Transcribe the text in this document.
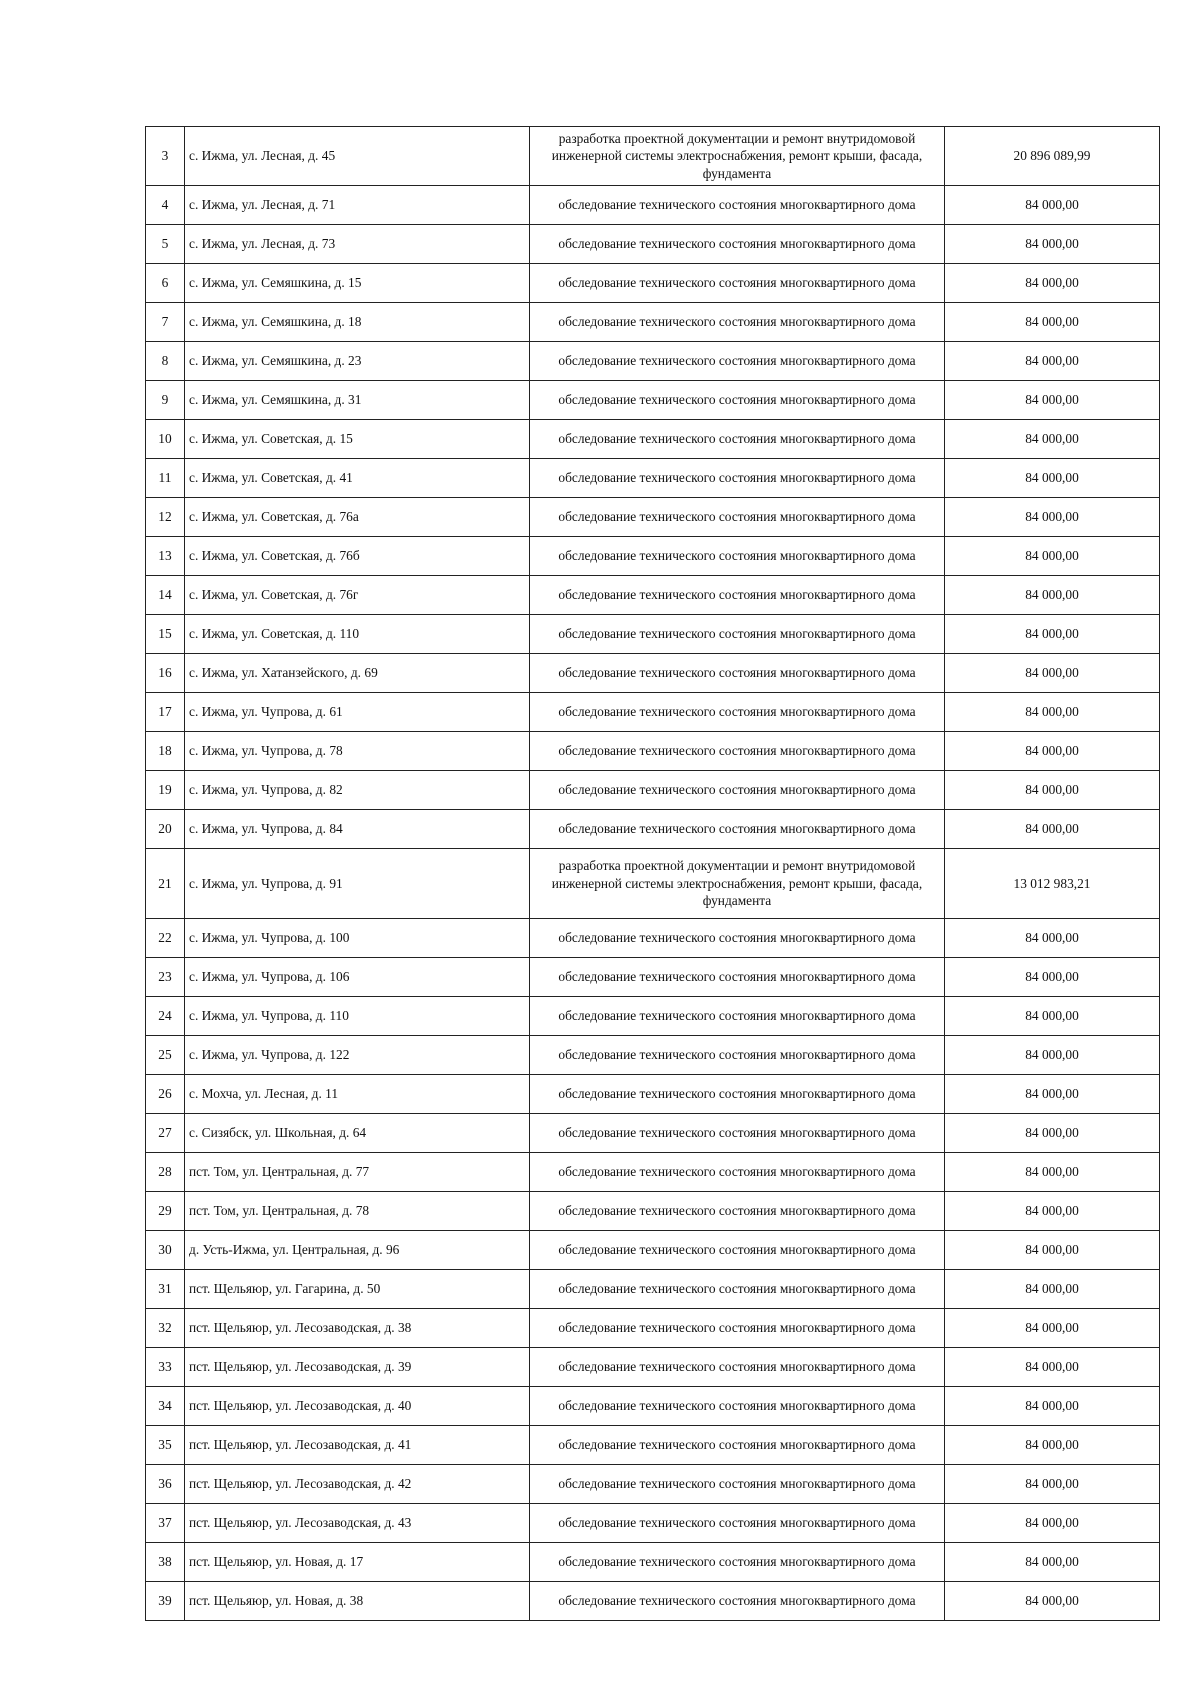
3	с. Ижма, ул. Лесная, д. 45	разработка проектной документации и ремонт внутридомовой инженерной системы электроснабжения, ремонт крыши, фасада, фундамента	20 896 089,99
4	с. Ижма, ул. Лесная, д. 71	обследование технического состояния многоквартирного дома	84 000,00
5	с. Ижма, ул. Лесная, д. 73	обследование технического состояния многоквартирного дома	84 000,00
6	с. Ижма, ул. Семяшкина, д. 15	обследование технического состояния многоквартирного дома	84 000,00
7	с. Ижма, ул. Семяшкина, д. 18	обследование технического состояния многоквартирного дома	84 000,00
8	с. Ижма, ул. Семяшкина, д. 23	обследование технического состояния многоквартирного дома	84 000,00
9	с. Ижма, ул. Семяшкина, д. 31	обследование технического состояния многоквартирного дома	84 000,00
10	с. Ижма, ул. Советская, д. 15	обследование технического состояния многоквартирного дома	84 000,00
11	с. Ижма, ул. Советская, д. 41	обследование технического состояния многоквартирного дома	84 000,00
12	с. Ижма, ул. Советская, д. 76а	обследование технического состояния многоквартирного дома	84 000,00
13	с. Ижма, ул. Советская, д. 76б	обследование технического состояния многоквартирного дома	84 000,00
14	с. Ижма, ул. Советская, д. 76г	обследование технического состояния многоквартирного дома	84 000,00
15	с. Ижма, ул. Советская, д. 110	обследование технического состояния многоквартирного дома	84 000,00
16	с. Ижма, ул. Хатанзейского, д. 69	обследование технического состояния многоквартирного дома	84 000,00
17	с. Ижма, ул. Чупрова, д. 61	обследование технического состояния многоквартирного дома	84 000,00
18	с. Ижма, ул. Чупрова, д. 78	обследование технического состояния многоквартирного дома	84 000,00
19	с. Ижма, ул. Чупрова, д. 82	обследование технического состояния многоквартирного дома	84 000,00
20	с. Ижма, ул. Чупрова, д. 84	обследование технического состояния многоквартирного дома	84 000,00
21	с. Ижма, ул. Чупрова, д. 91	разработка проектной документации и ремонт внутридомовой инженерной системы электроснабжения, ремонт крыши, фасада, фундамента	13 012 983,21
22	с. Ижма, ул. Чупрова, д. 100	обследование технического состояния многоквартирного дома	84 000,00
23	с. Ижма, ул. Чупрова, д. 106	обследование технического состояния многоквартирного дома	84 000,00
24	с. Ижма, ул. Чупрова, д. 110	обследование технического состояния многоквартирного дома	84 000,00
25	с. Ижма, ул. Чупрова, д. 122	обследование технического состояния многоквартирного дома	84 000,00
26	с. Мохча, ул. Лесная, д. 11	обследование технического состояния многоквартирного дома	84 000,00
27	с. Сизябск, ул. Школьная, д. 64	обследование технического состояния многоквартирного дома	84 000,00
28	пст. Том, ул. Центральная, д. 77	обследование технического состояния многоквартирного дома	84 000,00
29	пст. Том, ул. Центральная, д. 78	обследование технического состояния многоквартирного дома	84 000,00
30	д. Усть-Ижма, ул. Центральная, д. 96	обследование технического состояния многоквартирного дома	84 000,00
31	пст. Щельяюр, ул. Гагарина, д. 50	обследование технического состояния многоквартирного дома	84 000,00
32	пст. Щельяюр, ул. Лесозаводская, д. 38	обследование технического состояния многоквартирного дома	84 000,00
33	пст. Щельяюр, ул. Лесозаводская, д. 39	обследование технического состояния многоквартирного дома	84 000,00
34	пст. Щельяюр, ул. Лесозаводская, д. 40	обследование технического состояния многоквартирного дома	84 000,00
35	пст. Щельяюр, ул. Лесозаводская, д. 41	обследование технического состояния многоквартирного дома	84 000,00
36	пст. Щельяюр, ул. Лесозаводская, д. 42	обследование технического состояния многоквартирного дома	84 000,00
37	пст. Щельяюр, ул. Лесозаводская, д. 43	обследование технического состояния многоквартирного дома	84 000,00
38	пст. Щельяюр, ул. Новая, д. 17	обследование технического состояния многоквартирного дома	84 000,00
39	пст. Щельяюр, ул. Новая, д. 38	обследование технического состояния многоквартирного дома	84 000,00
